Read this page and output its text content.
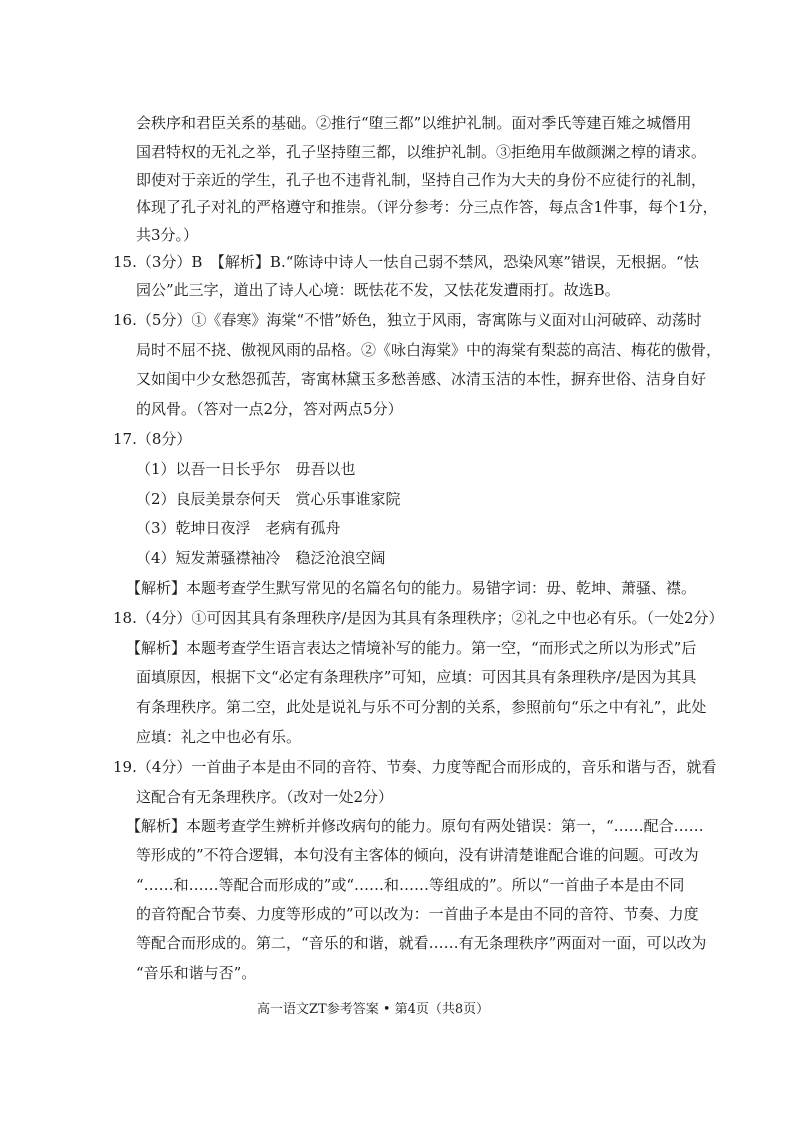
会秩序和君臣关系的基础。②推行“堕三都”以维护礼制。面对季氏等建百雉之城僭用
国君特权的无礼之举，孔子坚持堕三都，以维护礼制。③拒绝用车做颜渊之椁的请求。
即使对于亲近的学生，孔子也不违背礼制，坚持自己作为大夫的身份不应徒行的礼制，
体现了孔子对礼的严格遵守和推崇。（评分参考：分三点作答，每点含1件事，每个1分，
共3分。）
15.（3分）B　【解析】B.“陈诗中诗人一怯自己弱不禁风，恐染风寒”错误，无根据。“怯
园公”此三字，道出了诗人心境：既怯花不发，又怯花发遭雨打。故选B。
16.（5分）①《春寒》海棠“不惜”娇色，独立于风雨，寄寓陈与义面对山河破碎、动荡时
局时不屈不挠、傲视风雨的品格。②《咏白海棠》中的海棠有梨蕊的高洁、梅花的傲骨，
又如闺中少女愁怨孤苦，寄寓林黛玉多愁善感、冰清玉洁的本性，摒弃世俗、洁身自好
的风骨。（答对一点2分，答对两点5分）
17.（8分）
（1）以吾一日长乎尔　毋吾以也
（2）良辰美景奈何天　赏心乐事谁家院
（3）乾坤日夜浮　老病有孤舟
（4）短发萧骚襟袖冷　稳泛沧浪空阔
【解析】本题考查学生默写常见的名篇名句的能力。易错字词：毋、乾坤、萧骚、襟。
18.（4分）①可因其具有条理秩序/是因为其具有条理秩序；②礼之中也必有乐。（一处2分）
【解析】本题考查学生语言表达之情境补写的能力。第一空，“而形式之所以为形式”后
面填原因，根据下文“必定有条理秩序”可知，应填：可因其具有条理秩序/是因为其具
有条理秩序。第二空，此处是说礼与乐不可分割的关系，参照前句“乐之中有礼”，此处
应填：礼之中也必有乐。
19.（4分）一首曲子本是由不同的音符、节奏、力度等配合而形成的，音乐和谐与否，就看
这配合有无条理秩序。（改对一处2分）
【解析】本题考查学生辨析并修改病句的能力。原句有两处错误：第一，“……配合……
等形成的”不符合逻辑，本句没有主客体的倾向，没有讲清楚谁配合谁的问题。可改为
“……和……等配合而形成的”或“……和……等组成的”。所以“一首曲子本是由不同
的音符配合节奏、力度等形成的”可以改为：一首曲子本是由不同的音符、节奏、力度
等配合而形成的。第二，“音乐的和谐，就看……有无条理秩序”两面对一面，可以改为
“音乐和谐与否”。
高一语文ZT参考答案 • 第4页（共8页）
